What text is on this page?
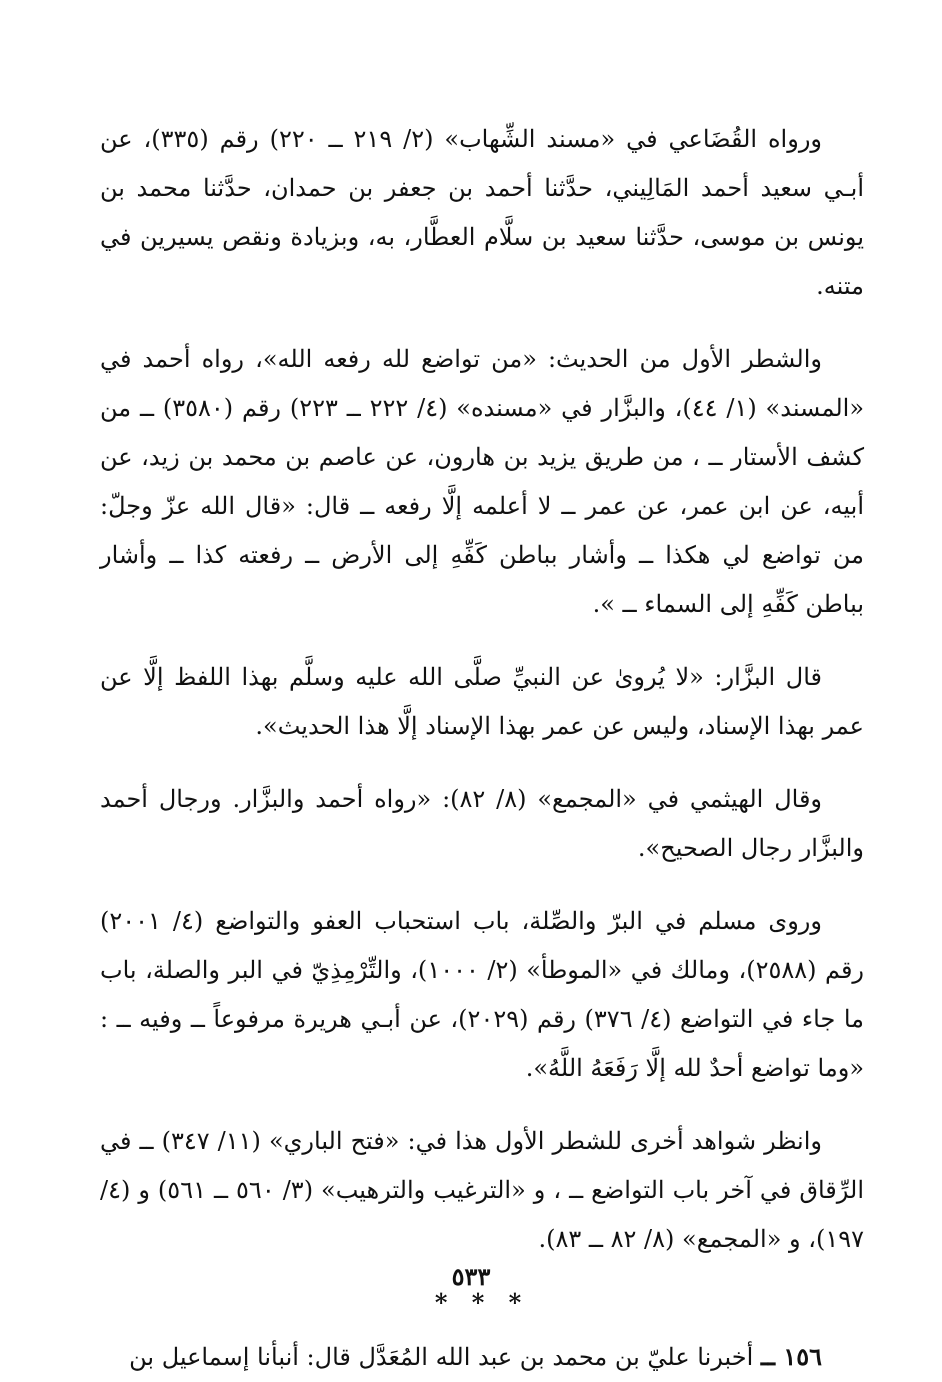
ورواه القُضَاعي في «مسند الشِّهاب» (٢/ ٢١٩ ــ ٢٢٠) رقم (٣٣٥)، عن أبـي سعيد أحمد المَالِيني، حدَّثنا أحمد بن جعفر بن حمدان، حدَّثنا محمد بن يونس بن موسى، حدَّثنا سعيد بن سلَّام العطَّار، به، وبزيادة ونقص يسيرين في متنه.

والشطر الأول من الحديث: «من تواضع لله رفعه الله»، رواه أحمد في «المسند» (١/ ٤٤)، والبزَّار في «مسنده» (٤/ ٢٢٢ ــ ٢٢٣) رقم (٣٥٨٠) ــ من كشف الأستار ــ ، من طريق يزيد بن هارون، عن عاصم بن محمد بن زيد، عن أبيه، عن ابن عمر، عن عمر ــ لا أعلمه إلَّا رفعه ــ قال: «قال الله عزّ وجلّ: من تواضع لي هكذا ــ وأشار بباطن كَفِّهِ إلى الأرض ــ رفعته كذا ــ وأشار بباطن كَفِّهِ إلى السماء ــ ».

قال البزَّار: «لا يُروىٰ عن النبيِّ صلَّى الله عليه وسلَّم بهذا اللفظ إلَّا عن عمر بهذا الإسناد، وليس عن عمر بهذا الإسناد إلَّا هذا الحديث».

وقال الهيثمي في «المجمع» (٨/ ٨٢): «رواه أحمد والبزَّار. ورجال أحمد والبزَّار رجال الصحيح».

وروى مسلم في البرّ والصِّلة، باب استحباب العفو والتواضع (٤/ ٢٠٠١) رقم (٢٥٨٨)، ومالك في «الموطأ» (٢/ ١٠٠٠)، والتِّرْمِذِيّ في البر والصلة، باب ما جاء في التواضع (٤/ ٣٧٦) رقم (٢٠٢٩)، عن أبـي هريرة مرفوعاً ــ وفيه ــ : «وما تواضع أحدٌ لله إلَّا رَفَعَهُ اللَّهُ».

وانظر شواهد أخرى للشطر الأول هذا في: «فتح الباري» (١١/ ٣٤٧) ــ في الرِّقاق في آخر باب التواضع ــ ، و «الترغيب والترهيب» (٣/ ٥٦٠ ــ ٥٦١) و (٤/ ١٩٧)، و «المجمع» (٨/ ٨٢ ــ ٨٣).

* * *

١٥٦ ــ أخبرنا عليّ بن محمد بن عبد الله المُعَدَّل قال: أنبأنا إسماعيل بن

٥٣٣
